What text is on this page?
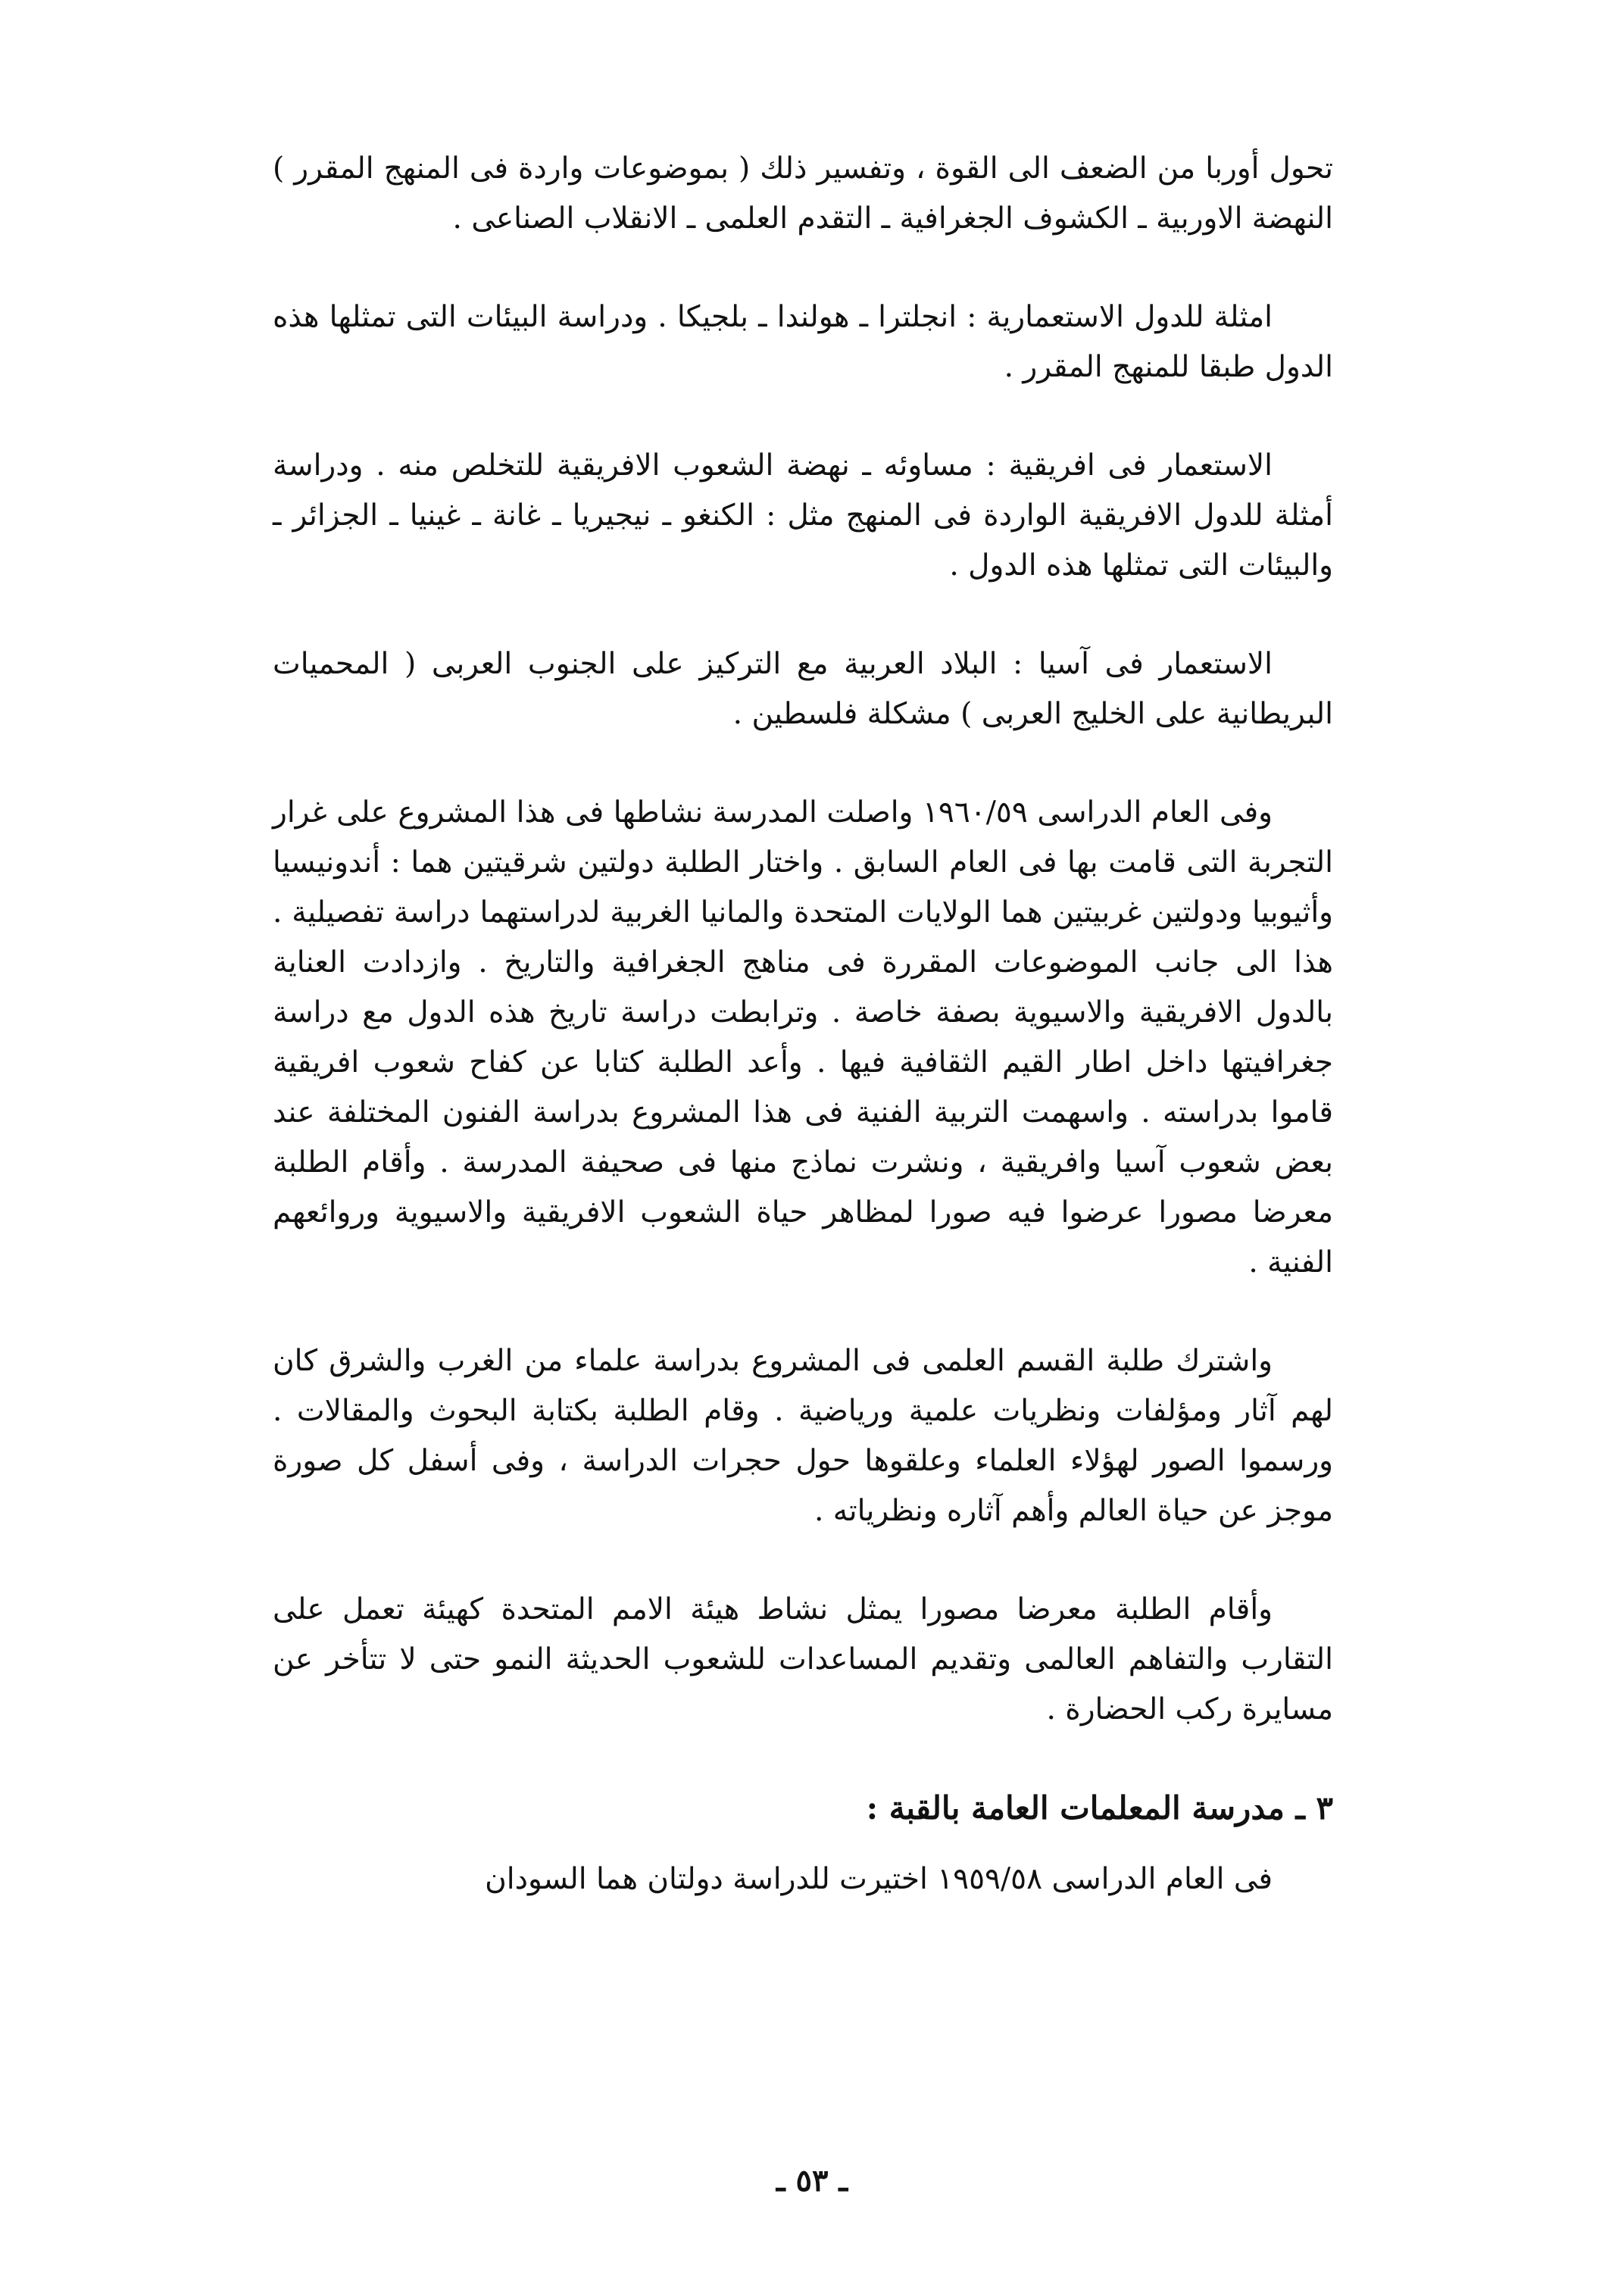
تحول أوربا من الضعف الى القوة ، وتفسير ذلك ( بموضوعات واردة فى المنهج المقرر ) النهضة الاوربية ـ الكشوف الجغرافية ـ التقدم العلمى ـ الانقلاب الصناعى .

امثلة للدول الاستعمارية : انجلترا ـ هولندا ـ بلجيكا . ودراسة البيئات التى تمثلها هذه الدول طبقا للمنهج المقرر .

الاستعمار فى افريقية : مساوئه ـ نهضة الشعوب الافريقية للتخلص منه . ودراسة أمثلة للدول الافريقية الواردة فى المنهج مثل : الكنغو ـ نيجيريا ـ غانة ـ غينيا ـ الجزائر ـ والبيئات التى تمثلها هذه الدول .

الاستعمار فى آسيا : البلاد العربية مع التركيز على الجنوب العربى ( المحميات البريطانية على الخليج العربى ) مشكلة فلسطين .

وفى العام الدراسى ١٩٦٠/٥٩ واصلت المدرسة نشاطها فى هذا المشروع على غرار التجربة التى قامت بها فى العام السابق . واختار الطلبة دولتين شرقيتين هما : أندونيسيا وأثيوبيا ودولتين غربيتين هما الولايات المتحدة والمانيا الغربية لدراستهما دراسة تفصيلية . هذا الى جانب الموضوعات المقررة فى مناهج الجغرافية والتاريخ . وازدادت العناية بالدول الافريقية والاسيوية بصفة خاصة . وترابطت دراسة تاريخ هذه الدول مع دراسة جغرافيتها داخل اطار القيم الثقافية فيها . وأعد الطلبة كتابا عن كفاح شعوب افريقية قاموا بدراسته . واسهمت التربية الفنية فى هذا المشروع بدراسة الفنون المختلفة عند بعض شعوب آسيا وافريقية ، ونشرت نماذج منها فى صحيفة المدرسة . وأقام الطلبة معرضا مصورا عرضوا فيه صورا لمظاهر حياة الشعوب الافريقية والاسيوية وروائعهم الفنية .

واشترك طلبة القسم العلمى فى المشروع بدراسة علماء من الغرب والشرق كان لهم آثار ومؤلفات ونظريات علمية ورياضية . وقام الطلبة بكتابة البحوث والمقالات . ورسموا الصور لهؤلاء العلماء وعلقوها حول حجرات الدراسة ، وفى أسفل كل صورة موجز عن حياة العالم وأهم آثاره ونظرياته .

وأقام الطلبة معرضا مصورا يمثل نشاط هيئة الامم المتحدة كهيئة تعمل على التقارب والتفاهم العالمى وتقديم المساعدات للشعوب الحديثة النمو حتى لا تتأخر عن مسايرة ركب الحضارة .

٣ ـ مدرسة المعلمات العامة بالقبة :

فى العام الدراسى ١٩٥٩/٥٨ اختيرت للدراسة دولتان هما السودان

ـ ٥٣ ـ
